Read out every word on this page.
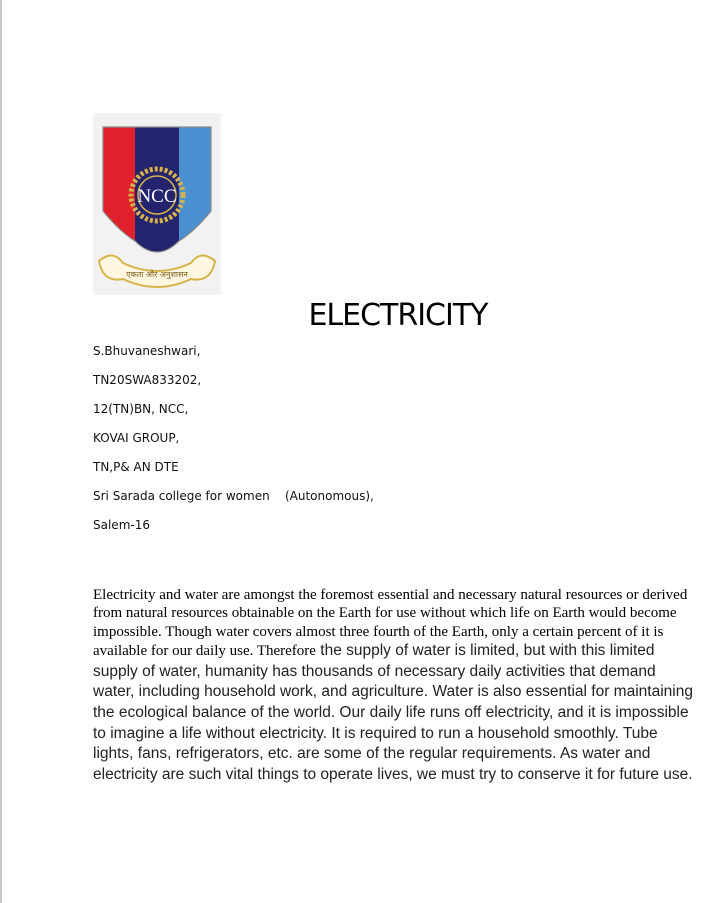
NCC
एकता और अनुशासन
ELECTRICITY
S.Bhuvaneshwari,
TN20SWA833202,
12(TN)BN, NCC,
KOVAI GROUP,
TN,P& AN DTE
Sri Sarada college for women    (Autonomous),
Salem-16

Electricity and water are amongst the foremost essential and necessary natural resources or derived from natural resources obtainable on the Earth for use without which life on Earth would become impossible. Though water covers almost three fourth of the Earth, only a certain percent of it is available for our daily use. Therefore the supply of water is limited, but with this limited supply of water, humanity has thousands of necessary daily activities that demand water, including household work, and agriculture. Water is also essential for maintaining the ecological balance of the world. Our daily life runs off electricity, and it is impossible to imagine a life without electricity. It is required to run a household smoothly. Tube lights, fans, refrigerators, etc. are some of the regular requirements. As water and electricity are such vital things to operate lives, we must try to conserve it for future use.
